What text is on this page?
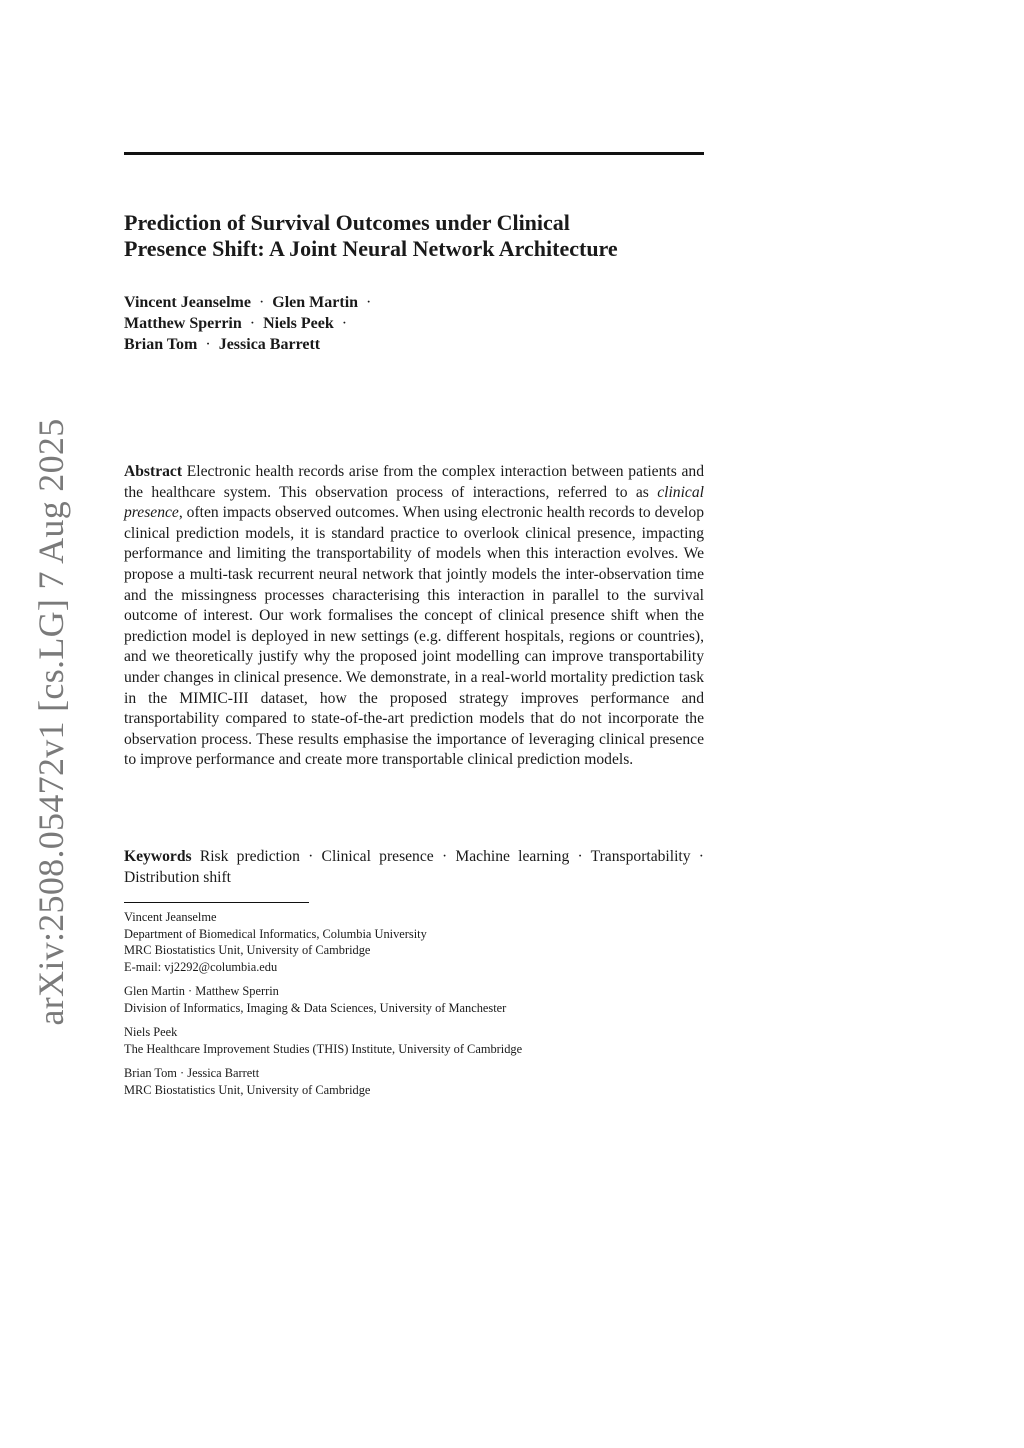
arXiv:2508.05472v1 [cs.LG] 7 Aug 2025
Prediction of Survival Outcomes under Clinical
Presence Shift: A Joint Neural Network Architecture
Vincent Jeanselme · Glen Martin ·
Matthew Sperrin · Niels Peek ·
Brian Tom · Jessica Barrett

Abstract Electronic health records arise from the complex interaction between patients and the healthcare system. This observation process of interactions, referred to as clinical presence, often impacts observed outcomes. When using electronic health records to develop clinical prediction models, it is standard practice to overlook clinical presence, impacting performance and limiting the transportability of models when this interaction evolves. We propose a multi-task recurrent neural network that jointly models the inter-observation time and the missingness processes characterising this interaction in parallel to the survival outcome of interest. Our work formalises the concept of clinical presence shift when the prediction model is deployed in new settings (e.g. different hospitals, regions or countries), and we theoretically justify why the proposed joint modelling can improve transportability under changes in clinical presence. We demonstrate, in a real-world mortality prediction task in the MIMIC-III dataset, how the proposed strategy improves performance and transportability compared to state-of-the-art prediction models that do not incorporate the observation process. These results emphasise the importance of leveraging clinical presence to improve performance and create more transportable clinical prediction models.

Keywords Risk prediction · Clinical presence · Machine learning · Transportability · Distribution shift

Vincent Jeanselme
Department of Biomedical Informatics, Columbia University
MRC Biostatistics Unit, University of Cambridge
E-mail: vj2292@columbia.edu
Glen Martin · Matthew Sperrin
Division of Informatics, Imaging & Data Sciences, University of Manchester
Niels Peek
The Healthcare Improvement Studies (THIS) Institute, University of Cambridge
Brian Tom · Jessica Barrett
MRC Biostatistics Unit, University of Cambridge
